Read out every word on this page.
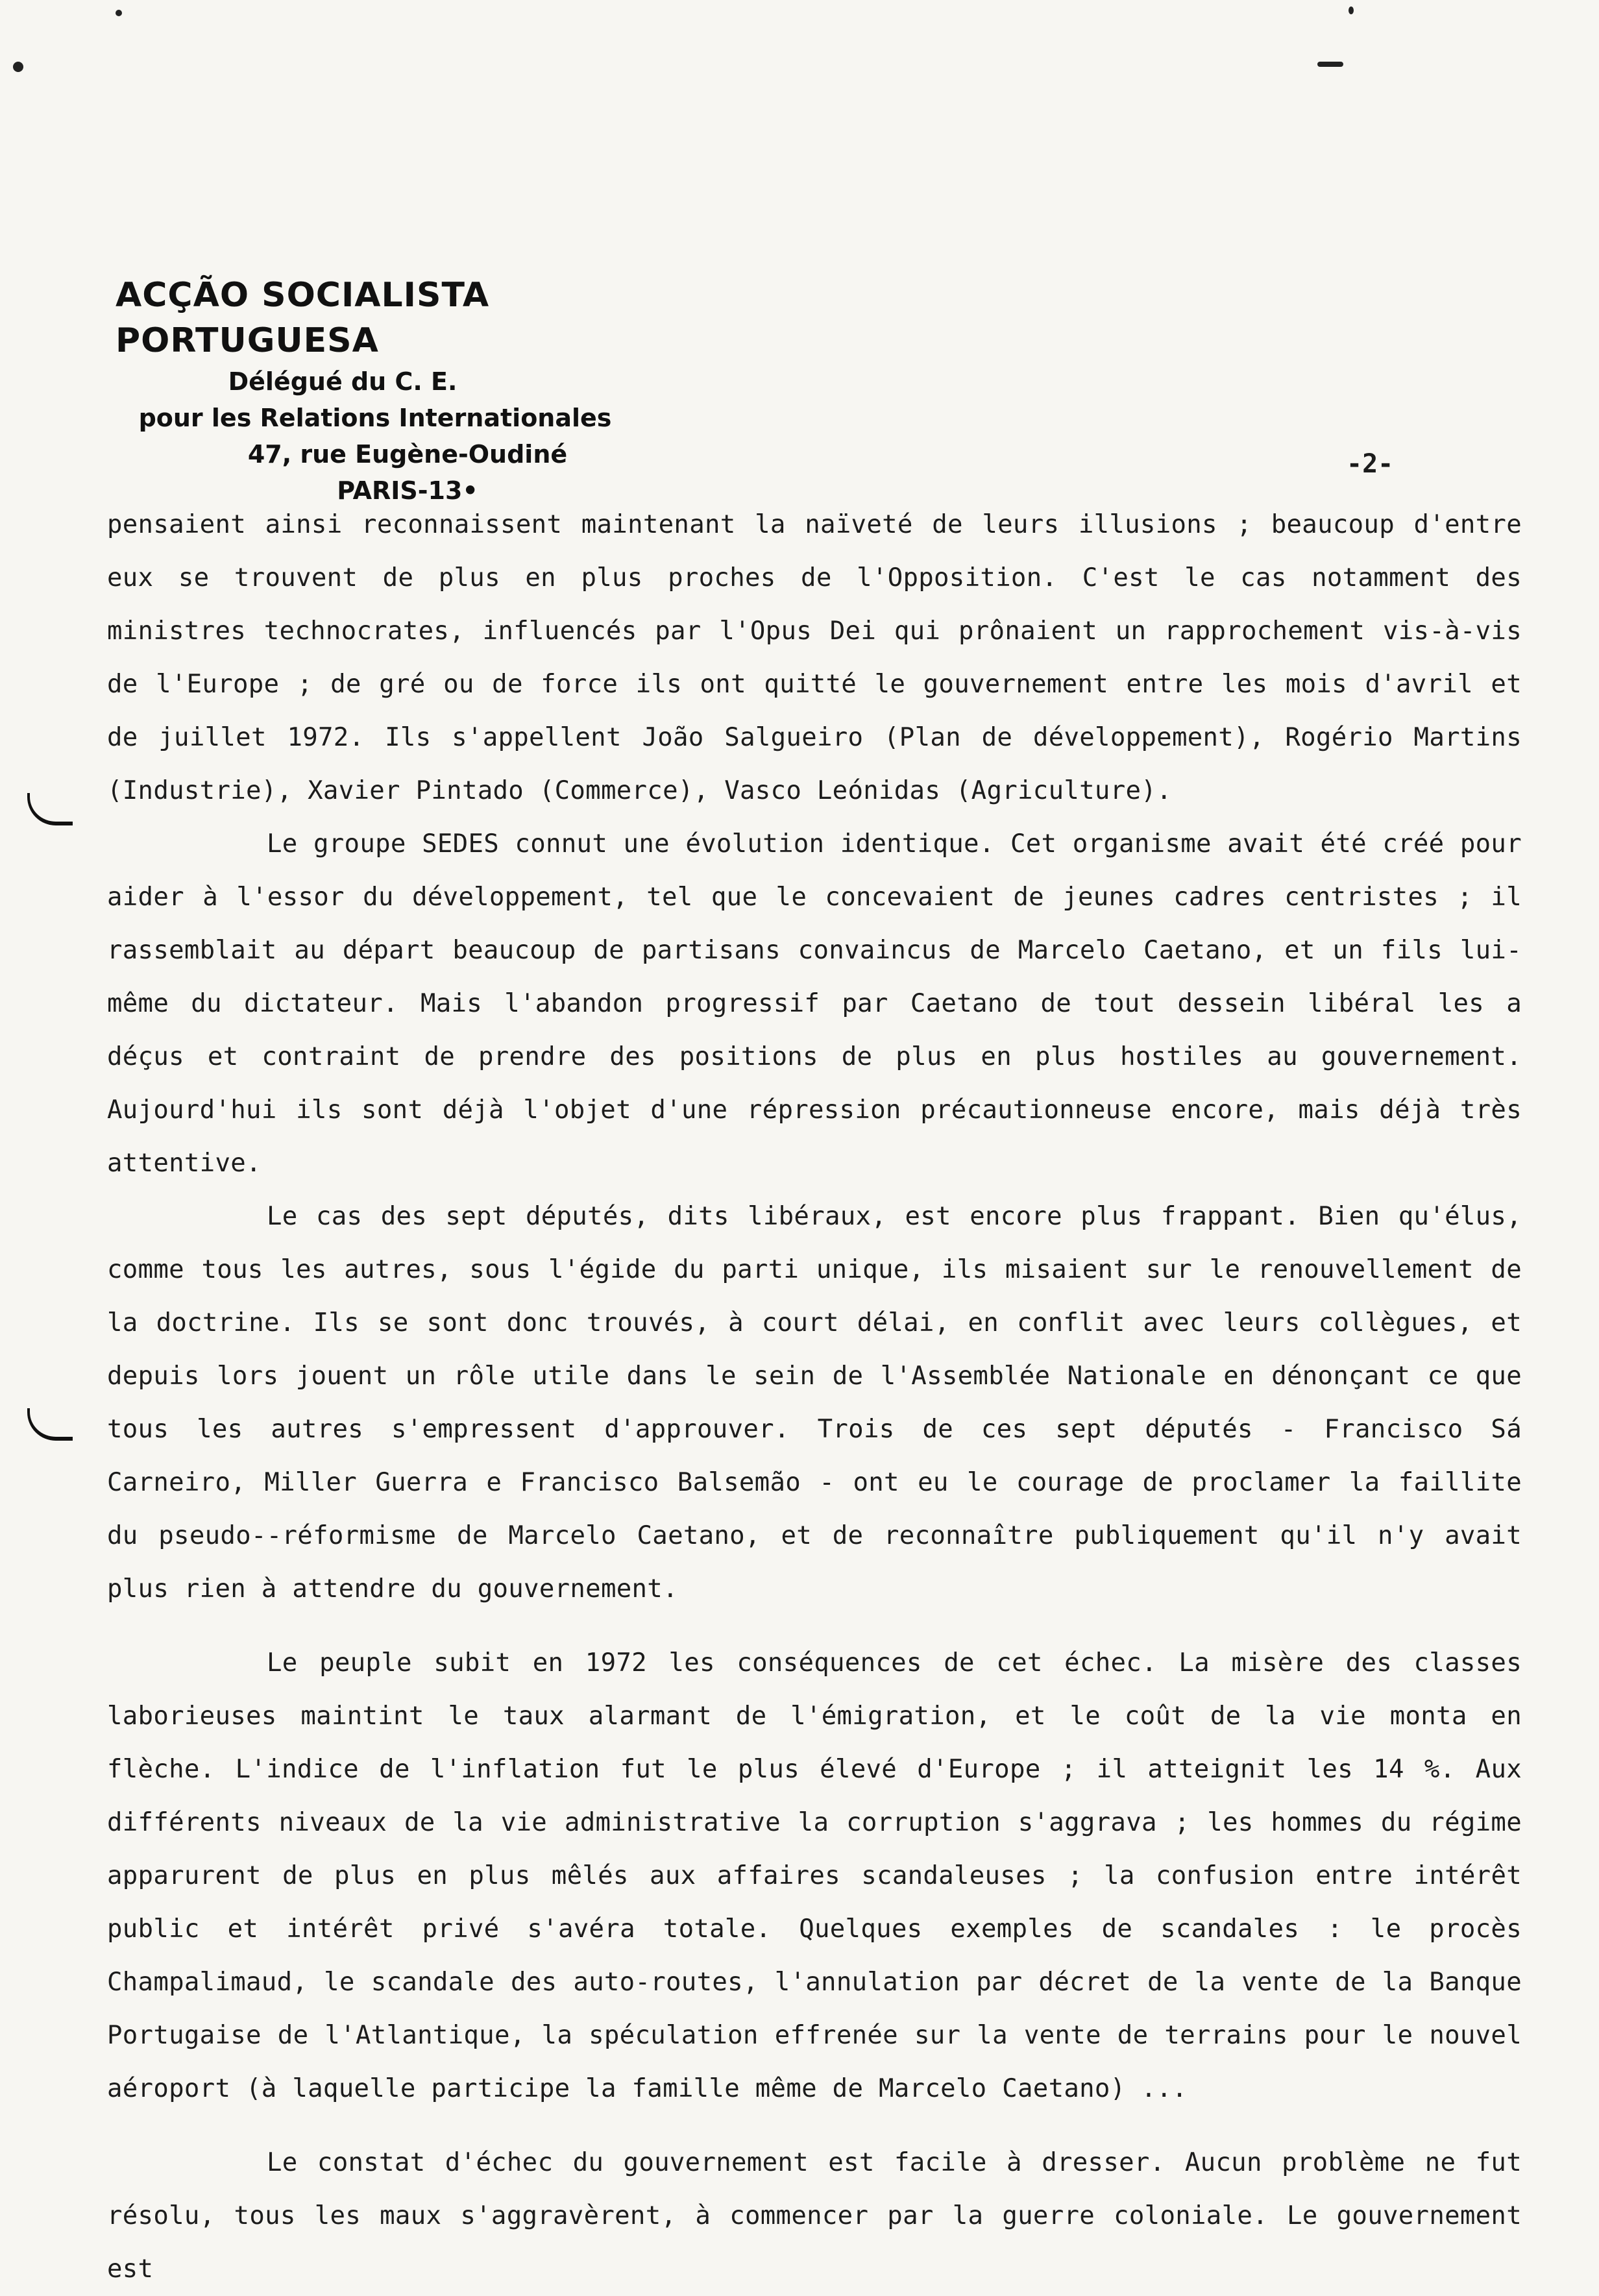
ACÇÃO SOCIALISTA PORTUGUESA
Délégué du C. E.
pour les Relations Internationales
47, rue Eugène-Oudiné
PARIS-13•
-2-

pensaient ainsi reconnaissent maintenant la naïveté de leurs illusions ; beaucoup d'entre eux se trouvent de plus en plus proches de l'Opposition. C'est le cas notamment des ministres technocrates, influencés par l'Opus Dei qui prônaient un rapprochement vis-à-vis de l'Europe ; de gré ou de force ils ont quitté le gouvernement entre les mois d'avril et de juillet 1972. Ils s'appellent João Salgueiro (Plan de développement), Rogério Martins (Industrie), Xavier Pintado (Commerce), Vasco Leónidas (Agriculture).

Le groupe SEDES connut une évolution identique. Cet organisme avait été créé pour aider à l'essor du développement, tel que le concevaient de jeunes cadres centristes ; il rassemblait au départ beaucoup de partisans convaincus de Marcelo Caetano, et un fils lui-même du dictateur. Mais l'abandon progressif par Caetano de tout dessein libéral les a déçus et contraint de prendre des positions de plus en plus hostiles au gouvernement. Aujourd'hui ils sont déjà l'objet d'une répression précautionneuse encore, mais déjà très attentive.

Le cas des sept députés, dits libéraux, est encore plus frappant. Bien qu'élus, comme tous les autres, sous l'égide du parti unique, ils misaient sur le renouvellement de la doctrine. Ils se sont donc trouvés, à court délai, en conflit avec leurs collègues, et depuis lors jouent un rôle utile dans le sein de l'Assemblée Nationale en dénonçant ce que tous les autres s'empressent d'approuver. Trois de ces sept députés - Francisco Sá Carneiro, Miller Guerra e Francisco Balsemão - ont eu le courage de proclamer la faillite du pseudo--réformisme de Marcelo Caetano, et de reconnaître publiquement qu'il n'y avait plus rien à attendre du gouvernement.

Le peuple subit en 1972 les conséquences de cet échec. La misère des classes laborieuses maintint le taux alarmant de l'émigration, et le coût de la vie monta en flèche. L'indice de l'inflation fut le plus élevé d'Europe ; il atteignit les 14 %. Aux différents niveaux de la vie administrative la corruption s'aggrava ; les hommes du régime apparurent de plus en plus mêlés aux affaires scandaleuses ; la confusion entre intérêt public et intérêt privé s'avéra totale. Quelques exemples de scandales : le procès Champalimaud, le scandale des auto-routes, l'annulation par décret de la vente de la Banque Portugaise de l'Atlantique, la spéculation effrenée sur la vente de terrains pour le nouvel aéroport (à laquelle participe la famille même de Marcelo Caetano) ...

Le constat d'échec du gouvernement est facile à dresser. Aucun problème ne fut résolu, tous les maux s'aggravèrent, à commencer par la guerre coloniale. Le gouvernement est
